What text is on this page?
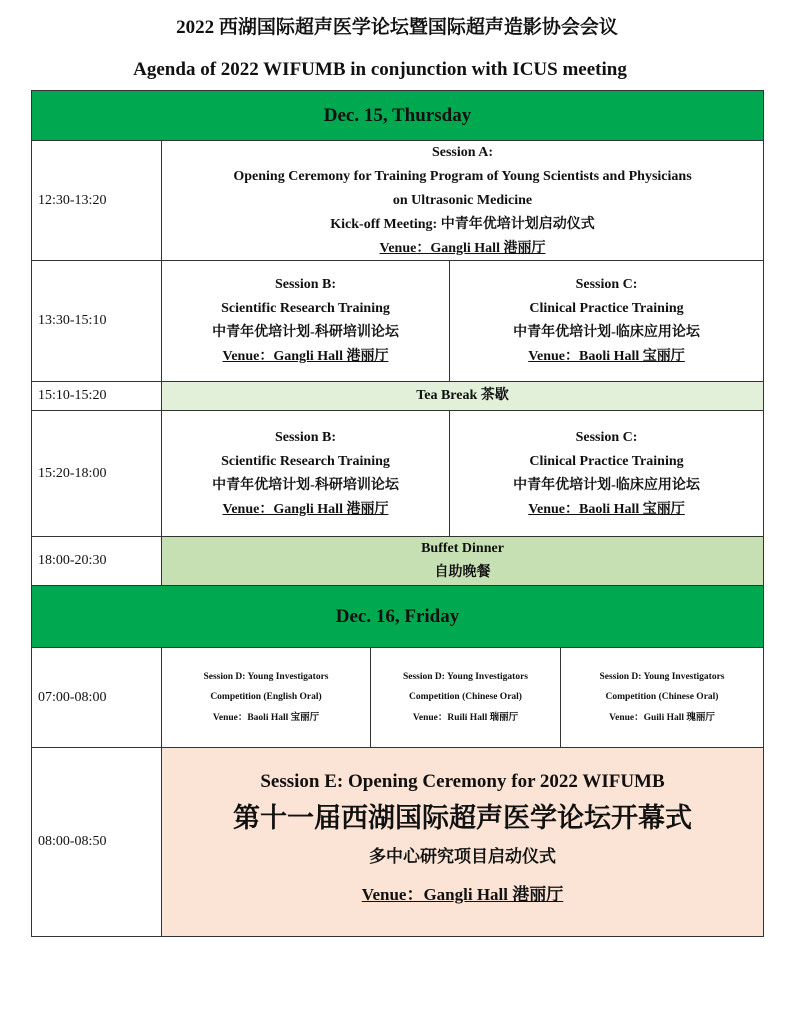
2022 西湖国际超声医学论坛暨国际超声造影协会会议
Agenda of 2022 WIFUMB in conjunction with ICUS meeting
Dec. 15, Thursday
12:30-13:20
Session A:
Opening Ceremony for Training Program of Young Scientists and Physicians
on Ultrasonic Medicine
Kick-off Meeting: 中青年优培计划启动仪式
Venue：Gangli Hall 港丽厅
13:30-15:10
Session B:
Scientific Research Training
中青年优培计划-科研培训论坛
Venue：Gangli Hall 港丽厅
Session C:
Clinical Practice Training
中青年优培计划-临床应用论坛
Venue：Baoli Hall 宝丽厅
15:10-15:20	Tea Break 茶歇
15:20-18:00
Session B:
Scientific Research Training
中青年优培计划-科研培训论坛
Venue：Gangli Hall 港丽厅
Session C:
Clinical Practice Training
中青年优培计划-临床应用论坛
Venue：Baoli Hall 宝丽厅
18:00-20:30
Buffet Dinner
自助晚餐
Dec. 16, Friday
07:00-08:00
Session D: Young Investigators
Competition (English Oral)
Venue：Baoli Hall 宝丽厅
Session D: Young Investigators
Competition (Chinese Oral)
Venue：Ruili Hall 瑞丽厅
Session D: Young Investigators
Competition (Chinese Oral)
Venue：Guili Hall 瑰丽厅
08:00-08:50
Session E: Opening Ceremony for 2022 WIFUMB
第十一届西湖国际超声医学论坛开幕式
多中心研究项目启动仪式
Venue：Gangli Hall 港丽厅
